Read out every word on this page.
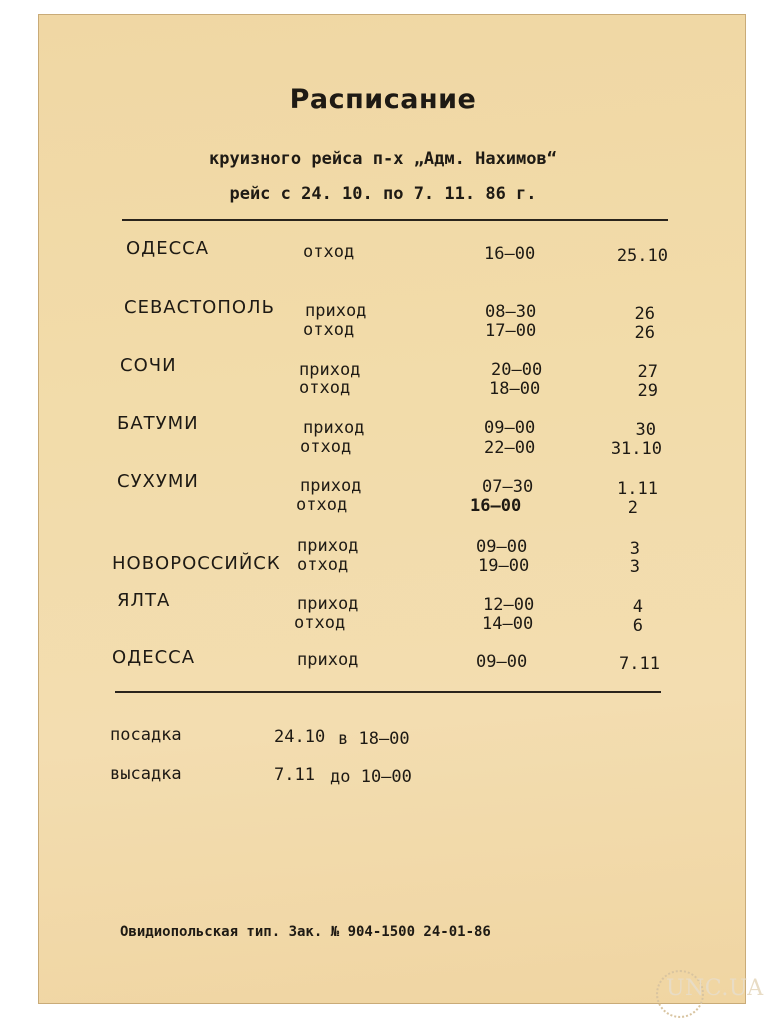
Расписание
круизного рейса п-х „Адм. Нахимов“
рейс с 24. 10. по 7. 11. 86 г.
ОДЕССА	отход	16–00	25.10
СЕВАСТОПОЛЬ приход	08–30	26
отход	17–00	26
СОЧИ	приход	20–00	27
отход	18–00	29
БАТУМИ	приход	09–00	30
отход	22–00	31.10
СУХУМИ	приход	07–30	1.11
отход	16–00	2
приход	09–00	3
НОВОРОССИЙСК отход	19–00	3
ЯЛТА	приход	12–00	4
отход	14–00	6
ОДЕССА	приход	09–00	7.11
посадка	24.10 в 18–00
высадка	7.11 до 10–00
Овидиопольская тип. Зак. № 904-1500 24-01-86
UNC.UA
